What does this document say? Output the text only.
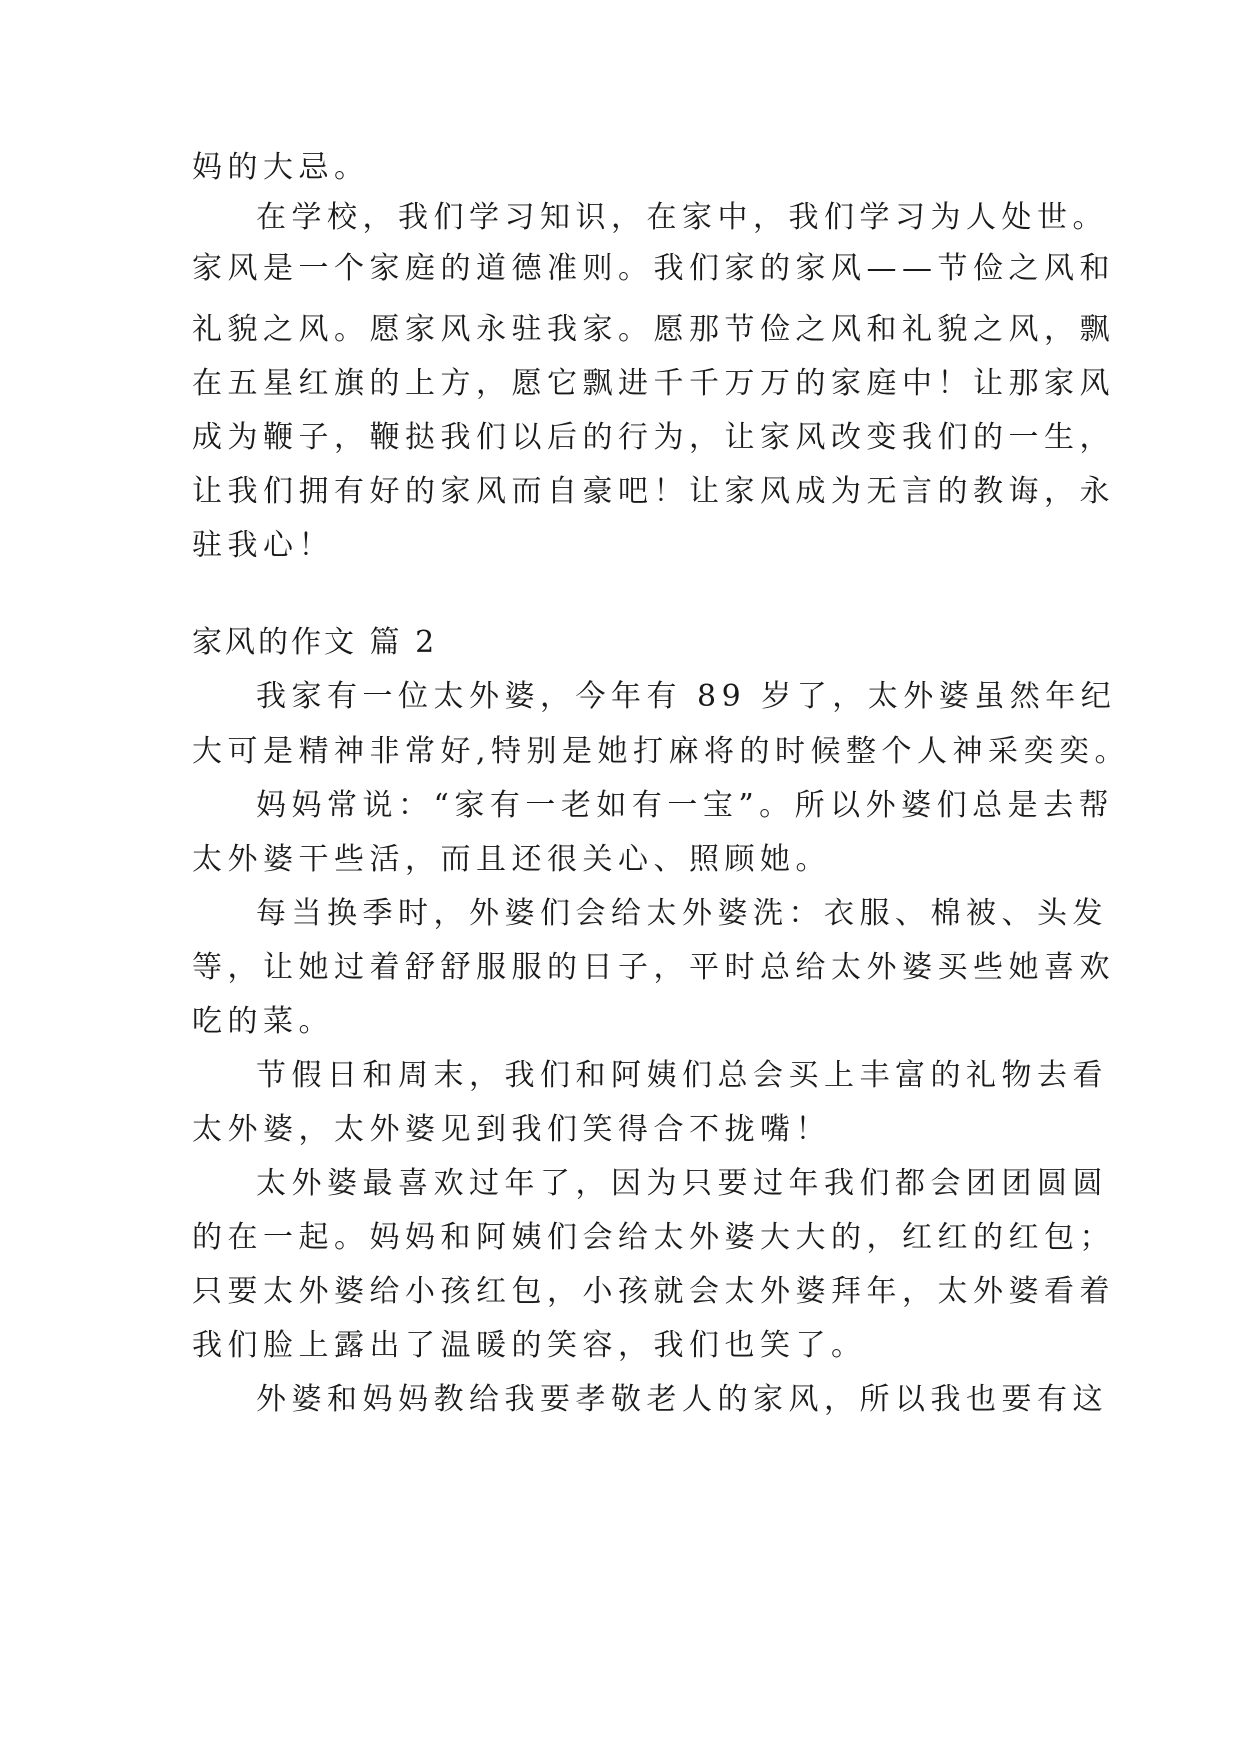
妈的大忌。
在学校，我们学习知识，在家中，我们学习为人处世。
家风是一个家庭的道德准则。我们家的家风——节俭之风和
礼貌之风。愿家风永驻我家。愿那节俭之风和礼貌之风，飘
在五星红旗的上方，愿它飘进千千万万的家庭中！让那家风
成为鞭子，鞭挞我们以后的行为，让家风改变我们的一生，
让我们拥有好的家风而自豪吧！让家风成为无言的教诲，永
驻我心！
家风的作文 篇 2
我家有一位太外婆，今年有 89 岁了，太外婆虽然年纪
大可是精神非常好,特别是她打麻将的时候整个人神采奕奕。
妈妈常说：“家有一老如有一宝”。所以外婆们总是去帮
太外婆干些活，而且还很关心、照顾她。
每当换季时，外婆们会给太外婆洗：衣服、棉被、头发
等，让她过着舒舒服服的日子，平时总给太外婆买些她喜欢
吃的菜。
节假日和周末，我们和阿姨们总会买上丰富的礼物去看
太外婆，太外婆见到我们笑得合不拢嘴！
太外婆最喜欢过年了，因为只要过年我们都会团团圆圆
的在一起。妈妈和阿姨们会给太外婆大大的，红红的红包；
只要太外婆给小孩红包，小孩就会太外婆拜年，太外婆看着
我们脸上露出了温暖的笑容，我们也笑了。
外婆和妈妈教给我要孝敬老人的家风，所以我也要有这
